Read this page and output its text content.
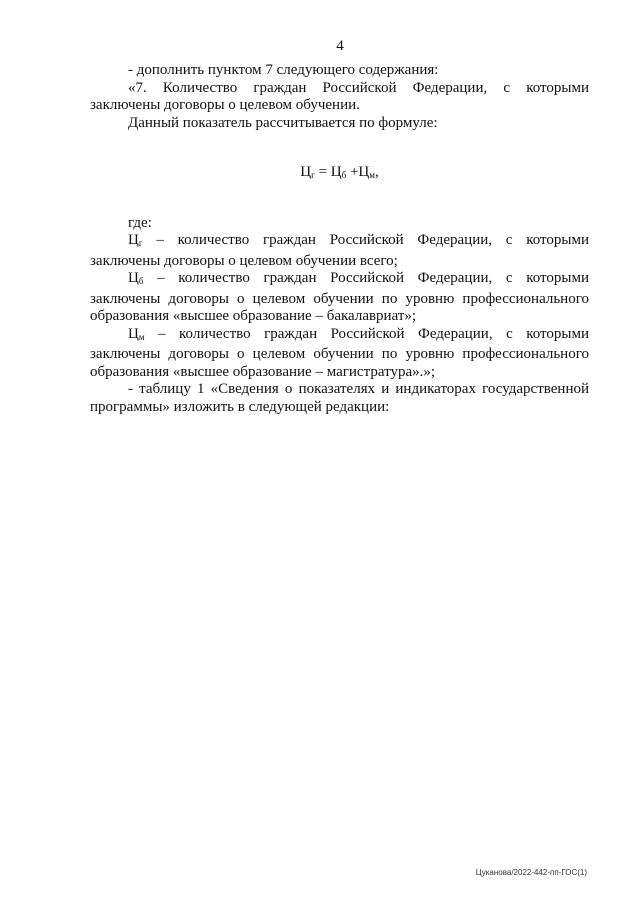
4

- дополнить пунктом 7 следующего содержания:

«7. Количество граждан Российской Федерации, с которыми

заключены договоры о целевом обучении.

Данный показатель рассчитывается по формуле:

$Ц_г = Ц_б +Ц_м$,

где:

$Ц_г$ – количество граждан Российской Федерации, с которыми

заключены договоры о целевом обучении всего;

$Ц_б$ – количество граждан Российской Федерации, с которыми

заключены договоры о целевом обучении по уровню профессионального

образования «высшее образование – бакалавриат»;

$Ц_м$ – количество граждан Российской Федерации, с которыми

заключены договоры о целевом обучении по уровню профессионального

образования «высшее образование – магистратура».»;

- таблицу 1 «Сведения о показателях и индикаторах государственной

программы» изложить в следующей редакции:

Цуканова/2022-442-пп-ГОС(1)
